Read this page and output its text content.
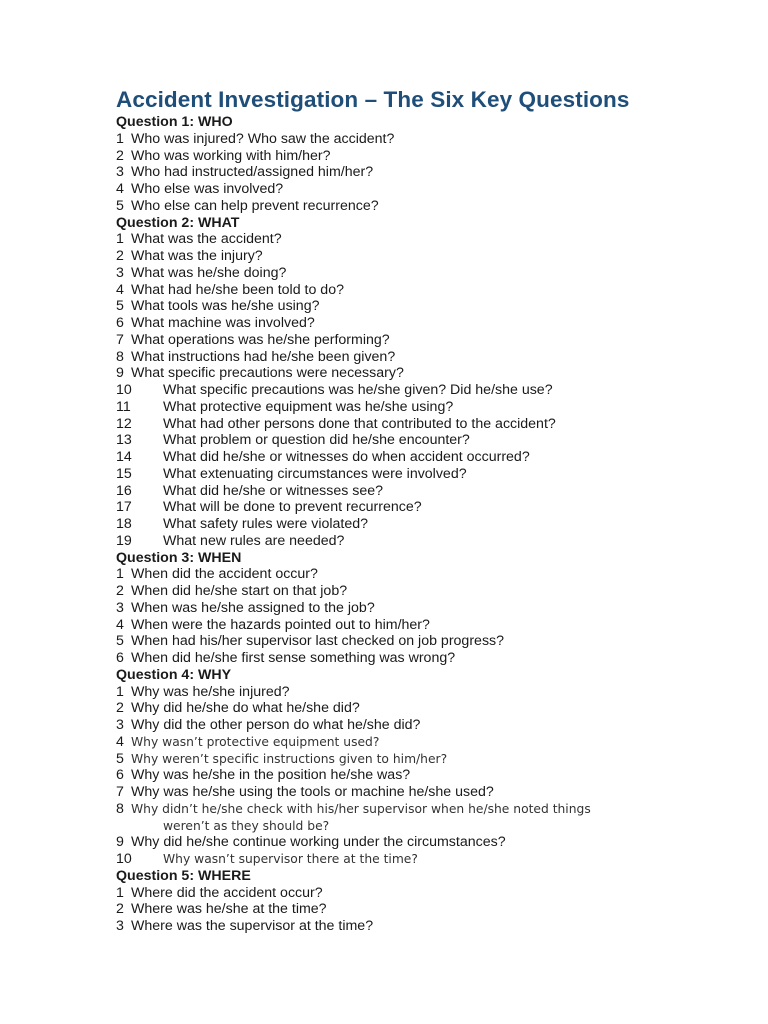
Accident Investigation – The Six Key Questions
Question 1: WHO
1 Who was injured? Who saw the accident?
2 Who was working with him/her?
3 Who had instructed/assigned him/her?
4 Who else was involved?
5 Who else can help prevent recurrence?
Question 2: WHAT
1 What was the accident?
2 What was the injury?
3 What was he/she doing?
4 What had he/she been told to do?
5 What tools was he/she using?
6 What machine was involved?
7 What operations was he/she performing?
8 What instructions had he/she been given?
9 What specific precautions were necessary?
10	What specific precautions was he/she given? Did he/she use?
11	What protective equipment was he/she using?
12	What had other persons done that contributed to the accident?
13	What problem or question did he/she encounter?
14	What did he/she or witnesses do when accident occurred?
15	What extenuating circumstances were involved?
16	What did he/she or witnesses see?
17	What will be done to prevent recurrence?
18	What safety rules were violated?
19	What new rules are needed?
Question 3: WHEN
1 When did the accident occur?
2 When did he/she start on that job?
3 When was he/she assigned to the job?
4 When were the hazards pointed out to him/her?
5 When had his/her supervisor last checked on job progress?
6 When did he/she first sense something was wrong?
Question 4: WHY
1 Why was he/she injured?
2 Why did he/she do what he/she did?
3 Why did the other person do what he/she did?
4 Why wasn’t protective equipment used?
5 Why weren’t specific instructions given to him/her?
6 Why was he/she in the position he/she was?
7 Why was he/she using the tools or machine he/she used?
8 Why didn’t he/she check with his/her supervisor when he/she noted things
weren’t as they should be?
9 Why did he/she continue working under the circumstances?
10	Why wasn’t supervisor there at the time?
Question 5: WHERE
1 Where did the accident occur?
2 Where was he/she at the time?
3 Where was the supervisor at the time?
